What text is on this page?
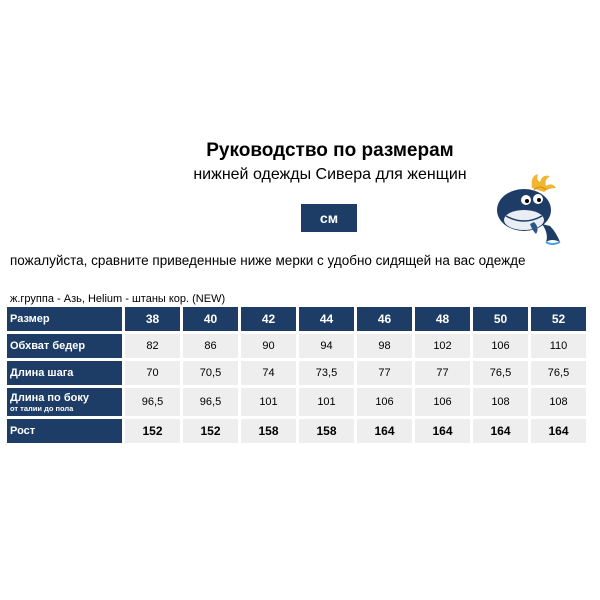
Руководство по размерам
нижней одежды Сивера для женщин
см
пожалуйста, сравните приведенные ниже мерки с удобно сидящей на вас одежде
ж.группа - Азь, Helium - штаны кор. (NEW)
Размер	38	40	42	44	46	48	50	52

Обхват бедер	82	86	90	94	98	102	106	110

Длина шага	70	70,5	74	73,5	77	77	76,5	76,5

Длина по боку
от талии до пола	96,5	96,5	101	101	106	106	108	108

Рост	152	152	158	158	164	164	164	164
